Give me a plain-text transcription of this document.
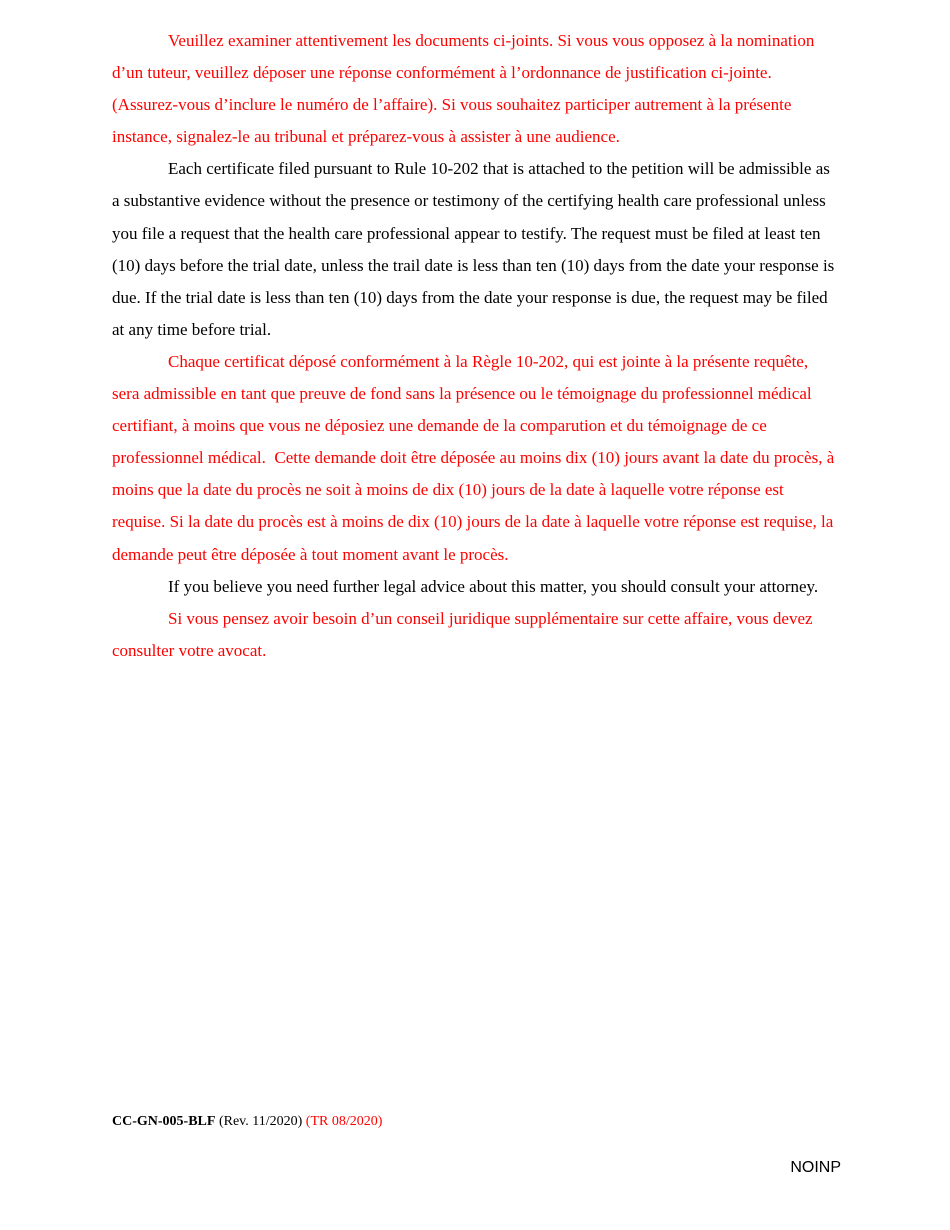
Veuillez examiner attentivement les documents ci-joints. Si vous vous opposez à la nomination d’un tuteur, veuillez déposer une réponse conformément à l’ordonnance de justification ci-jointe. (Assurez-vous d’inclure le numéro de l’affaire). Si vous souhaitez participer autrement à la présente instance, signalez-le au tribunal et préparez-vous à assister à une audience.

Each certificate filed pursuant to Rule 10-202 that is attached to the petition will be admissible as a substantive evidence without the presence or testimony of the certifying health care professional unless you file a request that the health care professional appear to testify. The request must be filed at least ten (10) days before the trial date, unless the trail date is less than ten (10) days from the date your response is due. If the trial date is less than ten (10) days from the date your response is due, the request may be filed at any time before trial.

Chaque certificat déposé conformément à la Règle 10-202, qui est jointe à la présente requête, sera admissible en tant que preuve de fond sans la présence ou le témoignage du professionnel médical certifiant, à moins que vous ne déposiez une demande de la comparution et du témoignage de ce professionnel médical.  Cette demande doit être déposée au moins dix (10) jours avant la date du procès, à moins que la date du procès ne soit à moins de dix (10) jours de la date à laquelle votre réponse est requise. Si la date du procès est à moins de dix (10) jours de la date à laquelle votre réponse est requise, la demande peut être déposée à tout moment avant le procès.

If you believe you need further legal advice about this matter, you should consult your attorney.

Si vous pensez avoir besoin d’un conseil juridique supplémentaire sur cette affaire, vous devez consulter votre avocat.

CC-GN-005-BLF (Rev. 11/2020) (TR 08/2020)
NOINP
